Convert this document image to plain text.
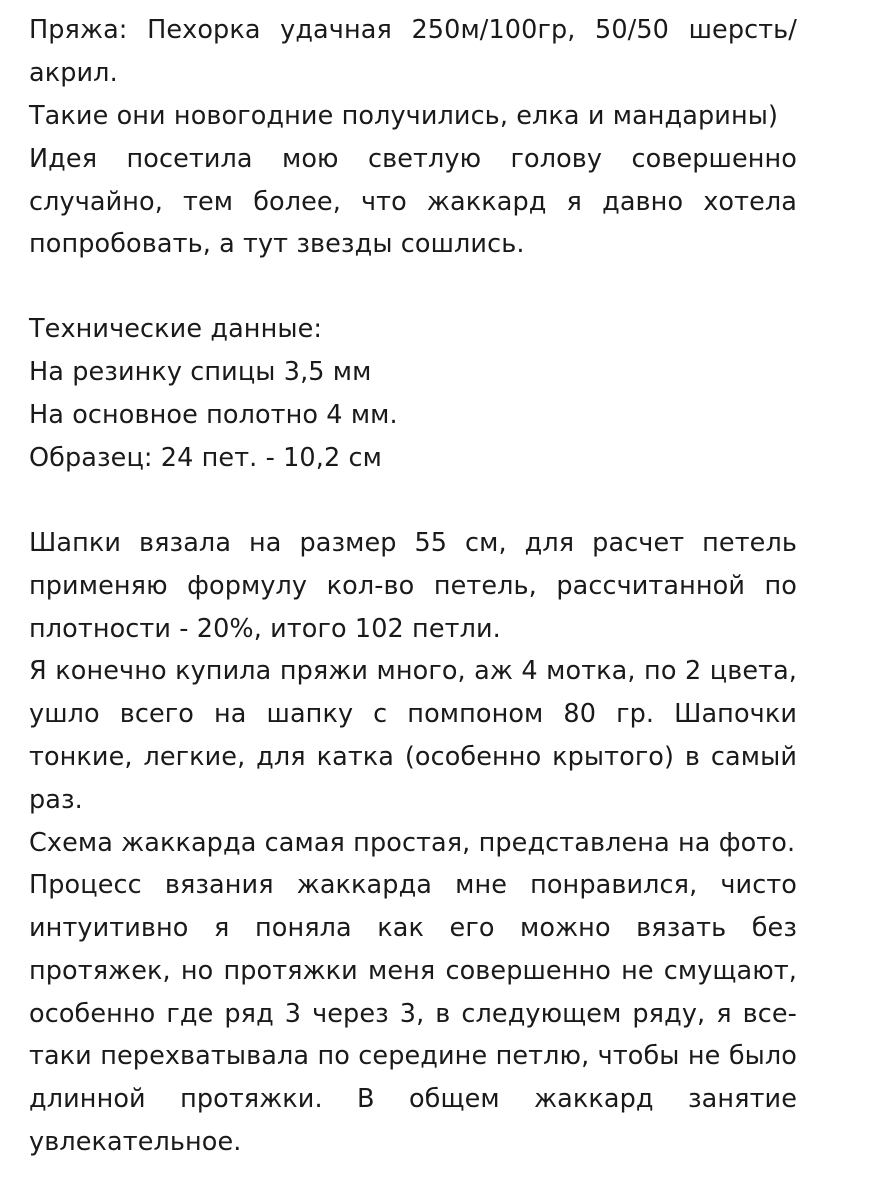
Пряжа: Пехорка удачная 250м/100гр, 50/50 шерсть/
акрил.
Такие они новогодние получились, елка и мандарины)
Идея посетила мою светлую голову совершенно
случайно, тем более, что жаккард я давно хотела
попробовать, а тут звезды сошлись.
Технические данные:
На резинку спицы 3,5 мм
На основное полотно 4 мм.
Образец: 24 пет. - 10,2 см
Шапки вязала на размер 55 см, для расчет петель
применяю формулу кол-во петель, рассчитанной по
плотности - 20%, итого 102 петли.
Я конечно купила пряжи много, аж 4 мотка, по 2 цвета,
ушло всего на шапку с помпоном 80 гр. Шапочки
тонкие, легкие, для катка (особенно крытого) в самый
раз.
Схема жаккарда самая простая, представлена на фото.
Процесс вязания жаккарда мне понравился, чисто
интуитивно я поняла как его можно вязать без
протяжек, но протяжки меня совершенно не смущают,
особенно где ряд 3 через 3, в следующем ряду, я все-
таки перехватывала по середине петлю, чтобы не было
длинной протяжки. В общем жаккард занятие
увлекательное.
